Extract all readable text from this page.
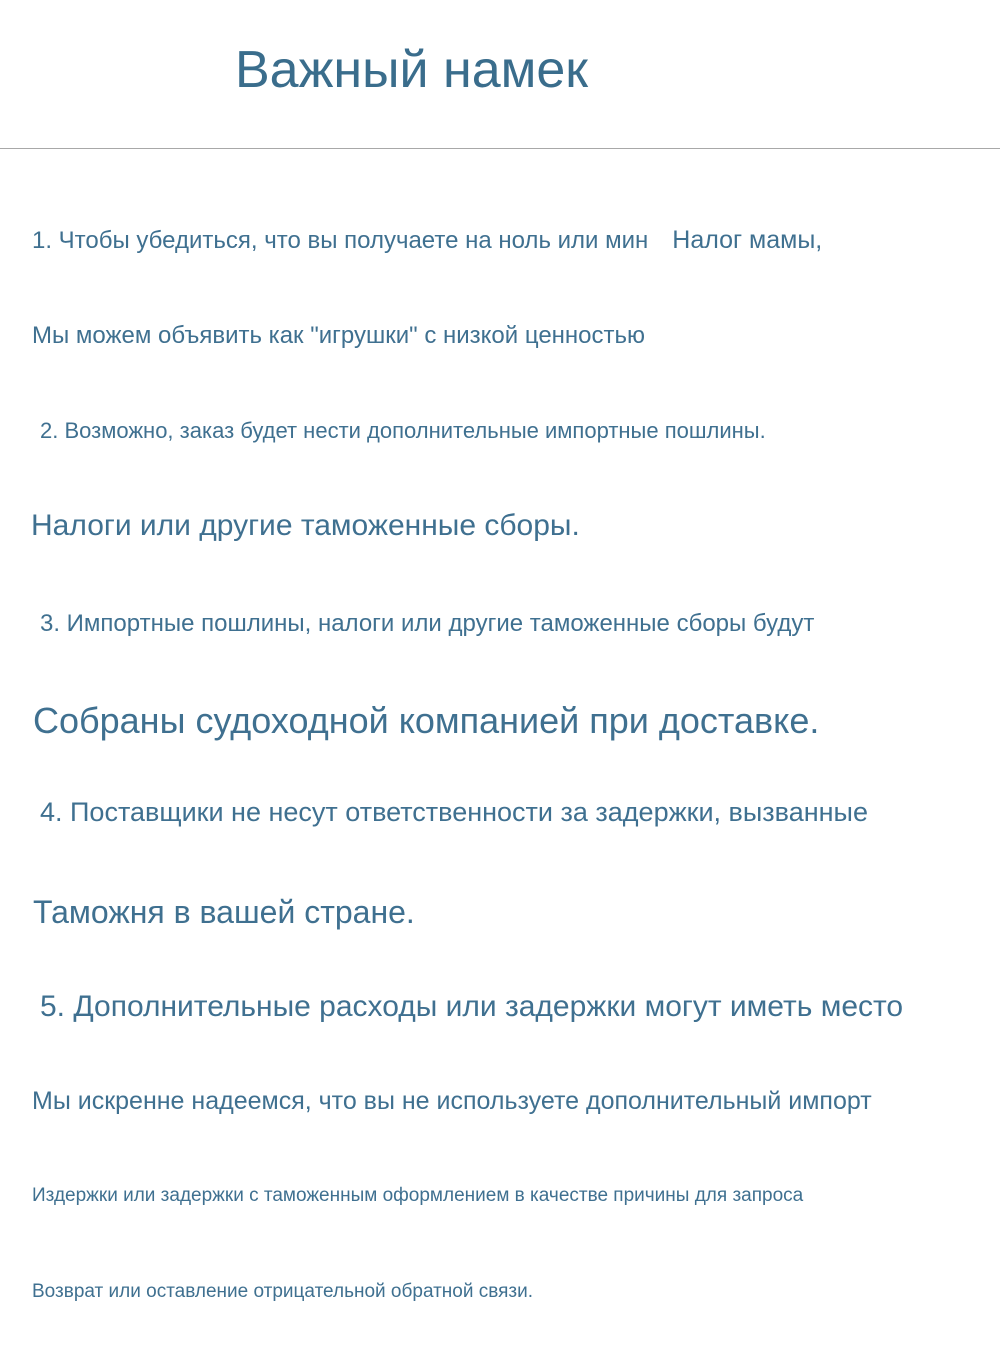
Важный намек
1. Чтобы убедиться, что вы получаете на ноль или мин Налог мамы,
Мы можем объявить как "игрушки" с низкой ценностью
2. Возможно, заказ будет нести дополнительные импортные пошлины.
Налоги или другие таможенные сборы.
3. Импортные пошлины, налоги или другие таможенные сборы будут
Собраны судоходной компанией при доставке.
4. Поставщики не несут ответственности за задержки, вызванные
Таможня в вашей стране.
5. Дополнительные расходы или задержки могут иметь место
Мы искренне надеемся, что вы не используете дополнительный импорт
Издержки или задержки с таможенным оформлением в качестве причины для запроса
Возврат или оставление отрицательной обратной связи.
